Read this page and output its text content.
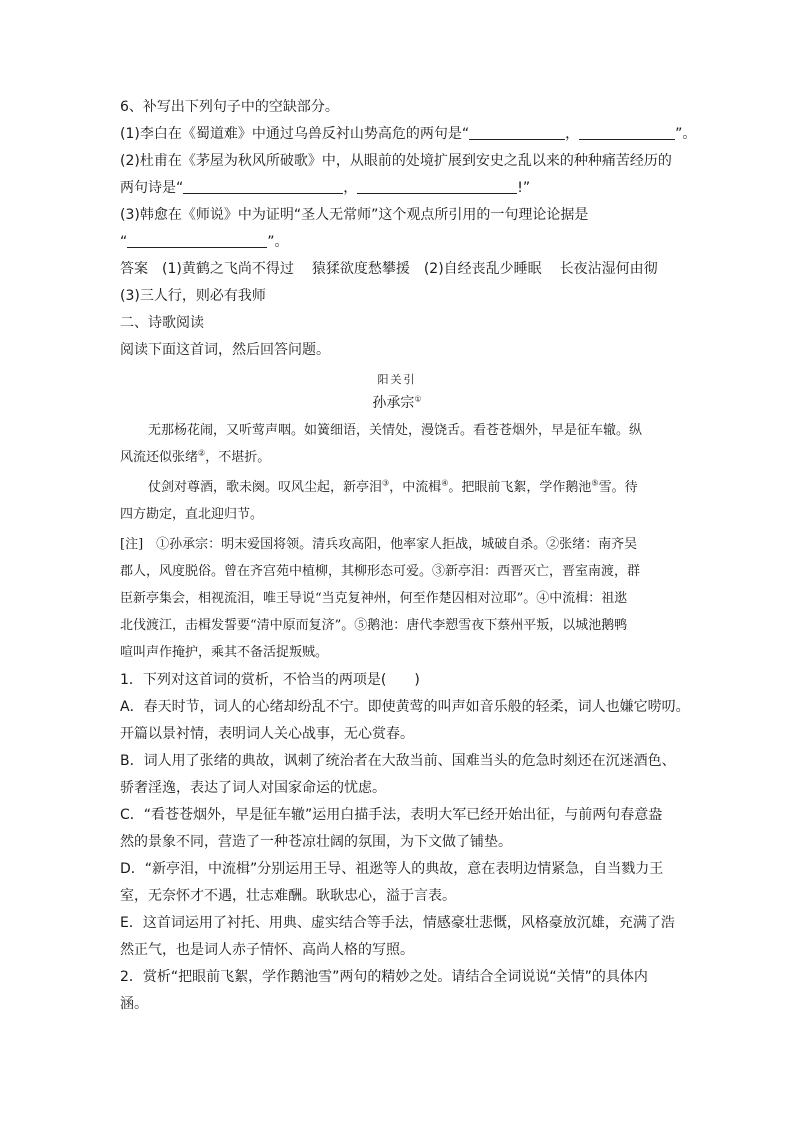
6、补写出下列句子中的空缺部分。
(1)李白在《蜀道难》中通过乌兽反衬山势高危的两句是“	，	”。
(2)杜甫在《茅屋为秋风所破歌》中，从眼前的处境扩展到安史之乱以来的种种痛苦经历的
两句诗是“	，	!”
(3)韩愈在《师说》中为证明“圣人无常师”这个观点所引用的一句理论论据是
“	”。
答案　 (1)黄鹤之飞尚不得过 猿猱欲度愁攀援　 (2)自经丧乱少睡眠 长夜沾湿何由彻
(3)三人行，则必有我师
二、诗歌阅读
阅读下面这首词，然后回答问题。
阳关引
孙承宗①
无那杨花闹，又听莺声咽。如簧细语，关情处，漫饶舌。看苍苍烟外，早是征车辙。纵
风流还似张绪②，不堪折。
仗剑对尊酒，歌未阕。叹风尘起，新亭泪③，中流楫④。把眼前飞絮，学作鹅池⑤雪。待
四方勘定，直北迎归节。
[注]　①孙承宗：明末爱国将领。清兵攻高阳，他率家人拒战，城破自杀。②张绪：南齐吴
郡人，风度脱俗。曾在齐宫苑中植柳，其柳形态可爱。③新亭泪：西晋灭亡，晋室南渡，群
臣新亭集会，相视流泪，唯王导说“当克复神州，何至作楚囚相对泣耶”。④中流楫：祖逖
北伐渡江，击楫发誓要“清中原而复济”。⑤鹅池：唐代李愬雪夜下蔡州平叛，以城池鹅鸭
喧叫声作掩护，乘其不备活捉叛贼。
1．下列对这首词的赏析，不恰当的两项是(　　)
A．春天时节，词人的心绪却纷乱不宁。即使黄莺的叫声如音乐般的轻柔，词人也嫌它唠叨。
开篇以景衬情，表明词人关心战事，无心赏春。
B．词人用了张绪的典故，讽刺了统治者在大敌当前、国难当头的危急时刻还在沉迷酒色、
骄奢淫逸，表达了词人对国家命运的忧虑。
C．“看苍苍烟外，早是征车辙”运用白描手法，表明大军已经开始出征，与前两句春意盎
然的景象不同，营造了一种苍凉壮阔的氛围，为下文做了铺垫。
D．“新亭泪，中流楫”分别运用王导、祖逖等人的典故，意在表明边情紧急，自当戮力王
室，无奈怀才不遇，壮志难酬。耿耿忠心，溢于言表。
E．这首词运用了衬托、用典、虚实结合等手法，情感豪壮悲慨，风格豪放沉雄，充满了浩
然正气，也是词人赤子情怀、高尚人格的写照。
2．赏析“把眼前飞絮，学作鹅池雪”两句的精妙之处。请结合全词说说“关情”的具体内
涵。
